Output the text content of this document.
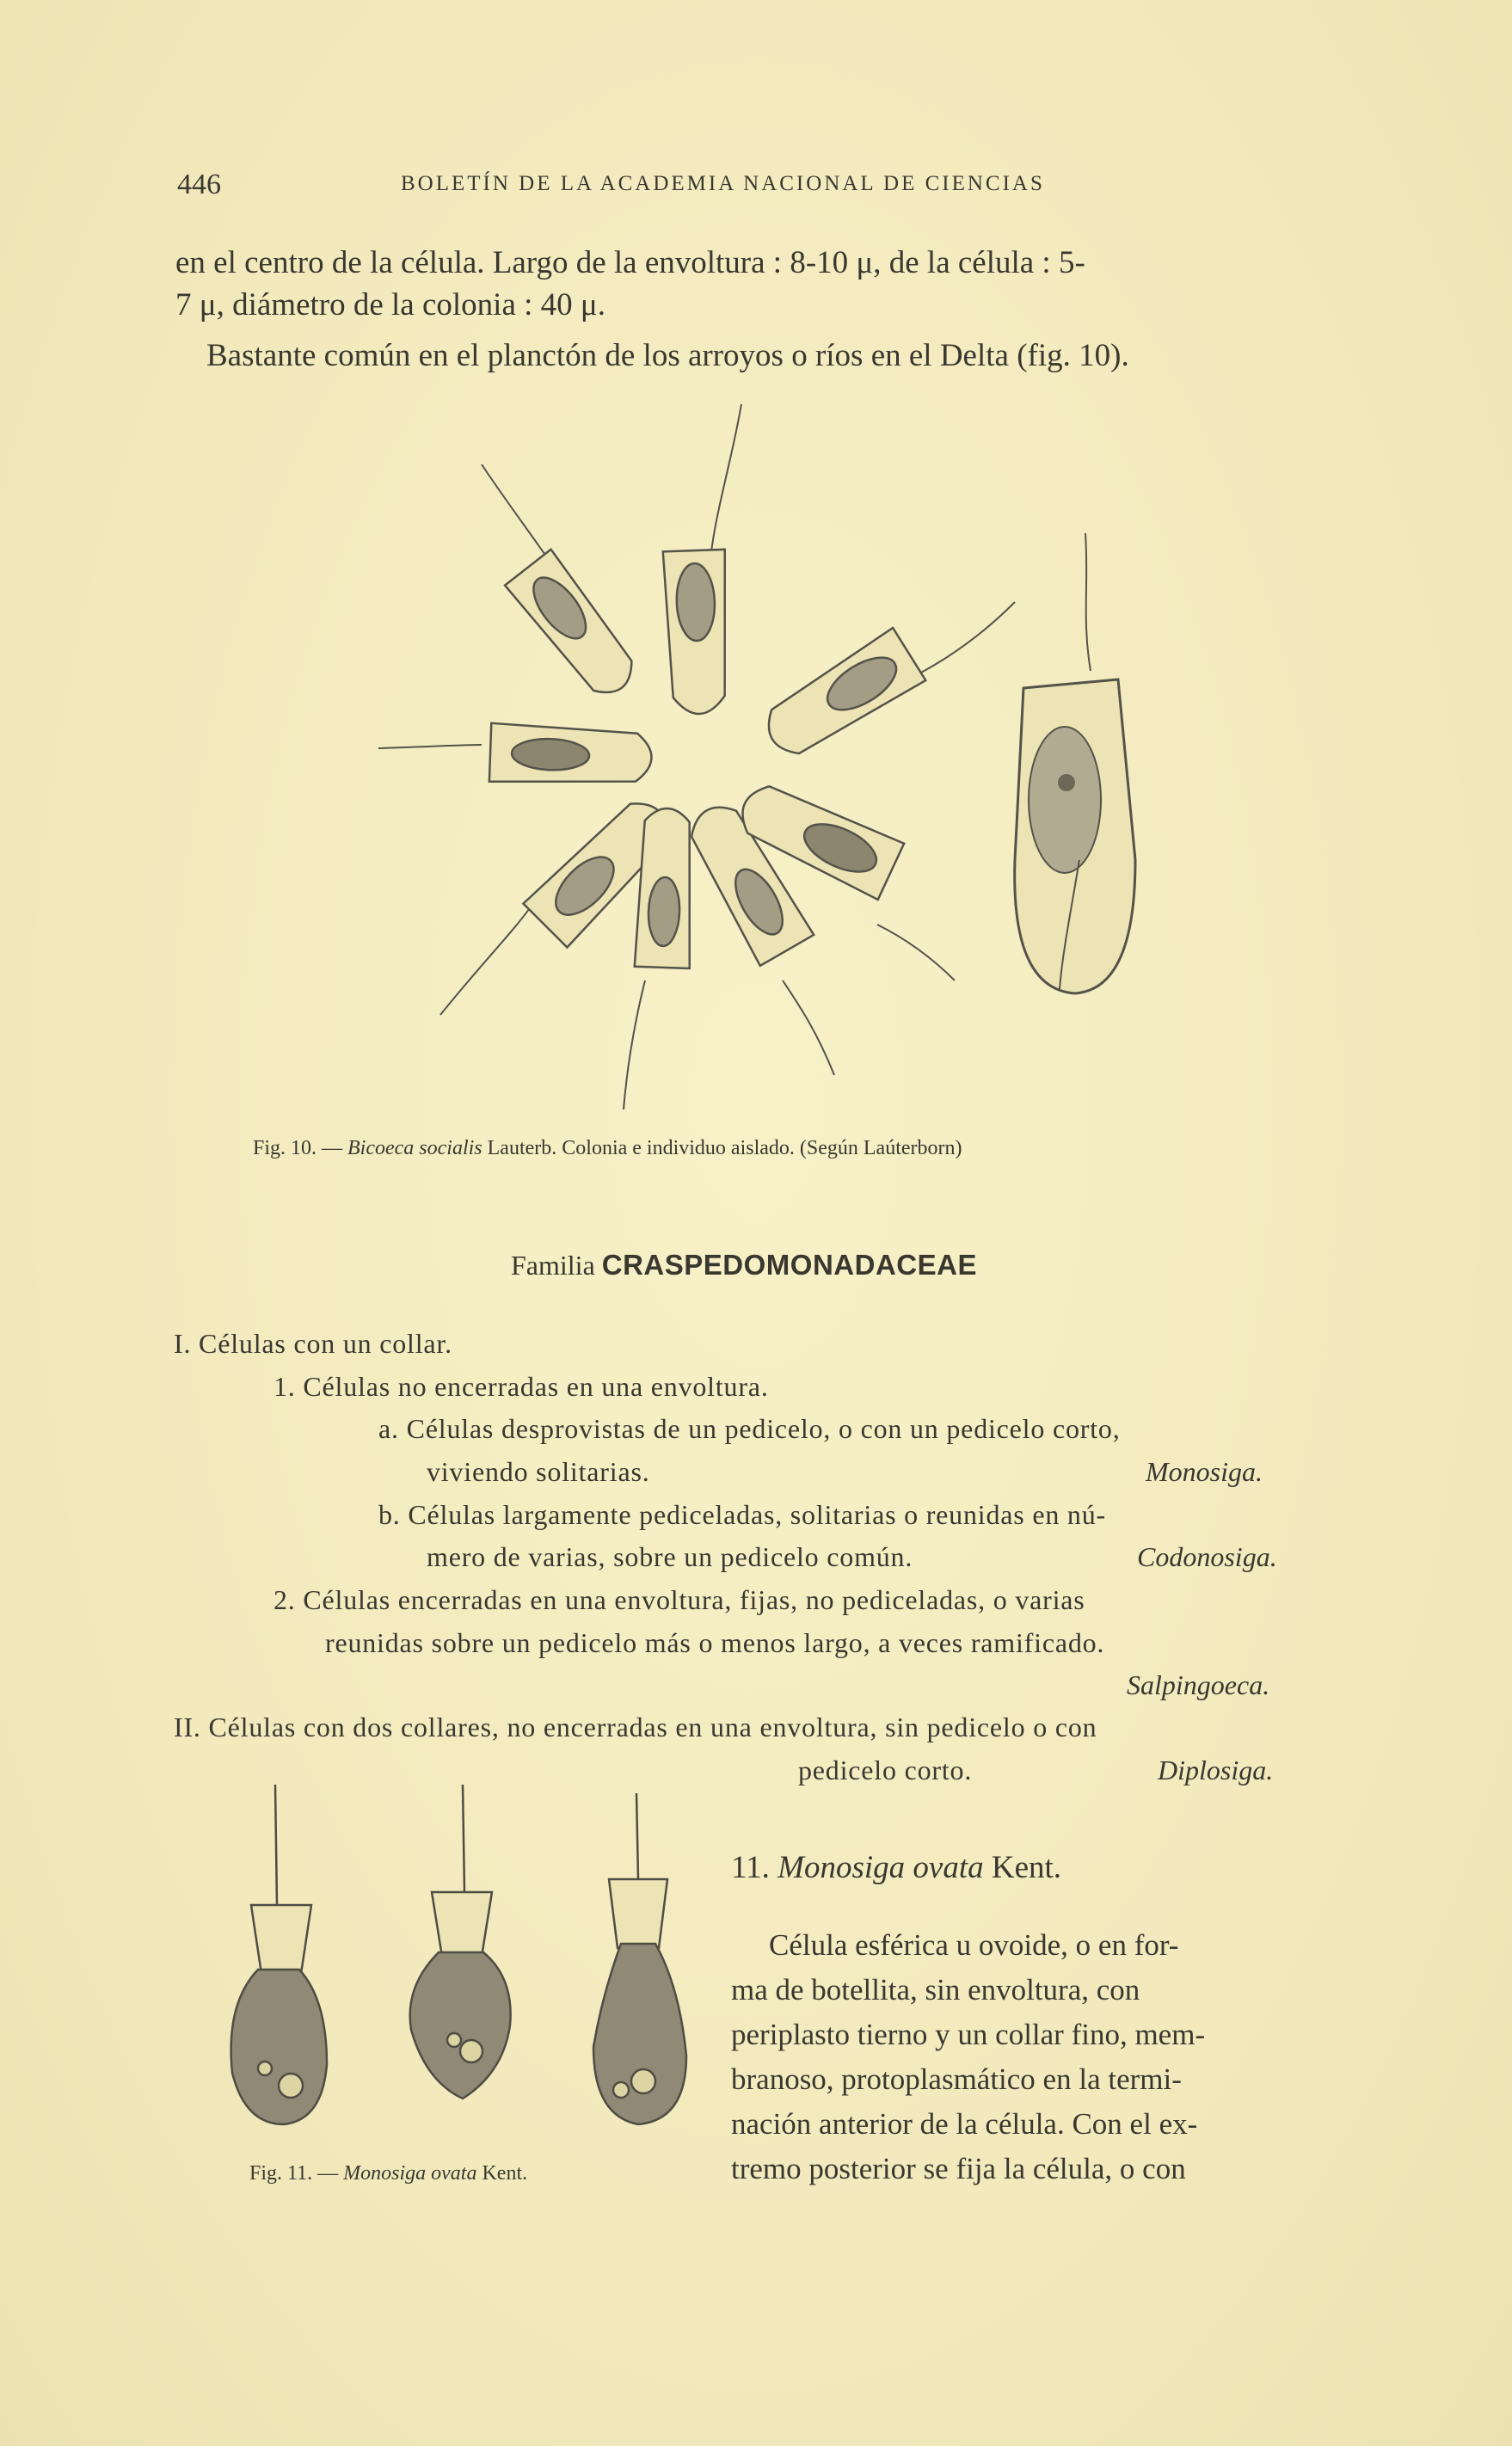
446	BOLETÍN DE LA ACADEMIA NACIONAL DE CIENCIAS
en el centro de la célula. Largo de la envoltura : 8-10 μ, de la célula : 5-
7 μ, diámetro de la colonia : 40 μ.
Bastante común en el planctón de los arroyos o ríos en el Delta (fig. 10).
Fig. 10. — Bicoeca socialis Lauterb. Colonia e individuo aislado. (Según Laúterborn)
Familia CRASPEDOMONADACEAE
I. Células con un collar.
1. Células no encerradas en una envoltura.
a. Células desprovistas de un pedicelo, o con un pedicelo corto,
viviendo solitarias.	Monosiga.
b. Células largamente pediceladas, solitarias o reunidas en nú-
mero de varias, sobre un pedicelo común.	Codonosiga.
2. Células encerradas en una envoltura, fijas, no pediceladas, o varias
reunidas sobre un pedicelo más o menos largo, a veces ramificado.
Salpingoeca.
II. Células con dos collares, no encerradas en una envoltura, sin pedicelo o con
pedicelo corto.	Diplosiga.
Fig. 11. — Monosiga ovata Kent.
11. Monosiga ovata Kent.
Célula esférica u ovoide, o en for-
ma de botellita, sin envoltura, con
periplasto tierno y un collar fino, mem-
branoso, protoplasmático en la termi-
nación anterior de la célula. Con el ex-
tremo posterior se fija la célula, o con
